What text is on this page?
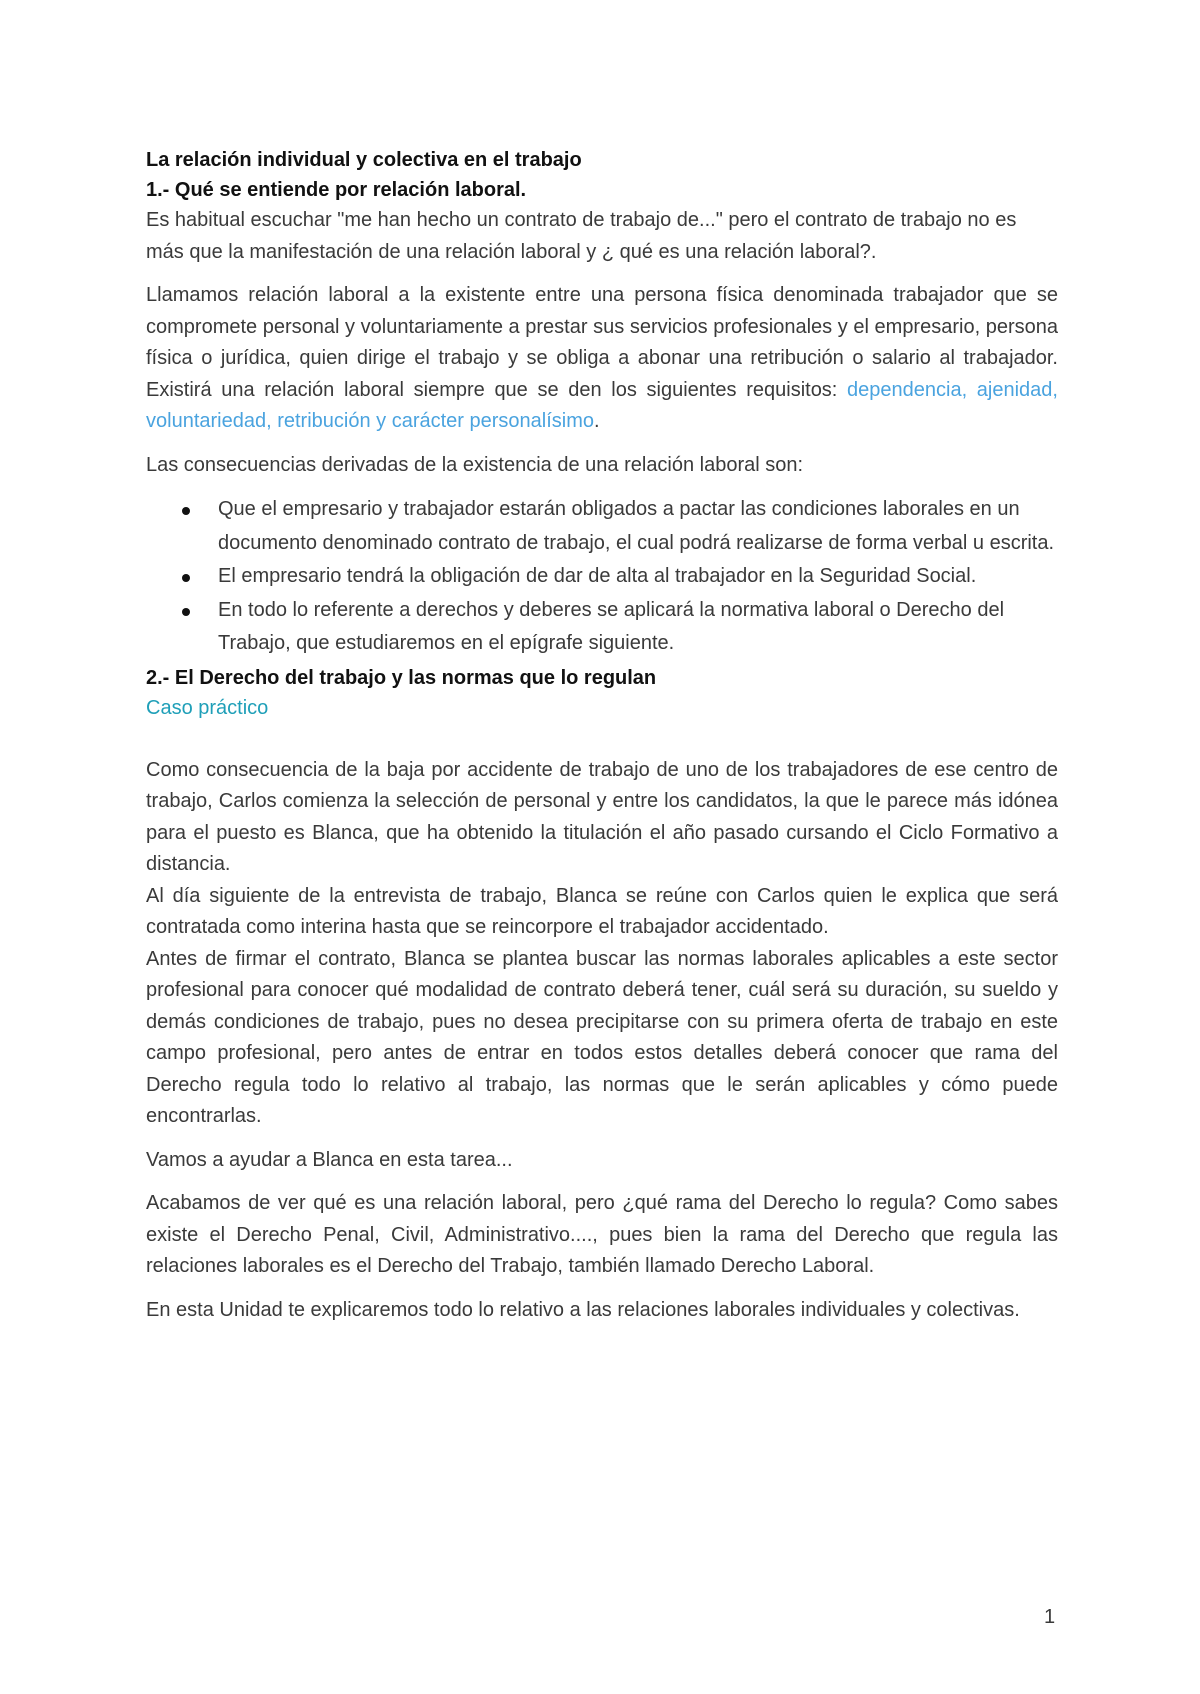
La relación individual y colectiva en el trabajo

1.- Qué se entiende por relación laboral.

Es habitual escuchar "me han hecho un contrato de trabajo de..." pero el contrato de trabajo no es más que la manifestación de una relación laboral y ¿ qué es una relación laboral?.

Llamamos relación laboral a la existente entre una persona física denominada trabajador que se compromete personal y voluntariamente a prestar sus servicios profesionales y el empresario, persona física o jurídica, quien dirige el trabajo y se obliga a abonar una retribución o salario al trabajador. Existirá una relación laboral siempre que se den los siguientes requisitos: dependencia, ajenidad, voluntariedad, retribución y carácter personalísimo.

Las consecuencias derivadas de la existencia de una relación laboral son:

Que el empresario y trabajador estarán obligados a pactar las condiciones laborales en un documento denominado contrato de trabajo, el cual podrá realizarse de forma verbal u escrita.
El empresario tendrá la obligación de dar de alta al trabajador en la Seguridad Social.
En todo lo referente a derechos y deberes se aplicará la normativa laboral o Derecho del Trabajo, que estudiaremos en el epígrafe siguiente.

2.- El Derecho del trabajo y las normas que lo regulan

Caso práctico

Como consecuencia de la baja por accidente de trabajo de uno de los trabajadores de ese centro de trabajo, Carlos comienza la selección de personal y entre los candidatos, la que le parece más idónea para el puesto es Blanca, que ha obtenido la titulación el año pasado cursando el Ciclo Formativo a distancia.

Al día siguiente de la entrevista de trabajo, Blanca se reúne con Carlos quien le explica que será contratada como interina hasta que se reincorpore el trabajador accidentado.

Antes de firmar el contrato, Blanca se plantea buscar las normas laborales aplicables a este sector profesional para conocer qué modalidad de contrato deberá tener, cuál será su duración, su sueldo y demás condiciones de trabajo, pues no desea precipitarse con su primera oferta de trabajo en este campo profesional, pero antes de entrar en todos estos detalles deberá conocer que rama del Derecho regula todo lo relativo al trabajo, las normas que le serán aplicables y cómo puede encontrarlas.

Vamos a ayudar a Blanca en esta tarea...

Acabamos de ver qué es una relación laboral, pero ¿qué rama del Derecho lo regula? Como sabes existe el Derecho Penal, Civil, Administrativo...., pues bien la rama del Derecho que regula las relaciones laborales es el Derecho del Trabajo, también llamado Derecho Laboral.

En esta Unidad te explicaremos todo lo relativo a las relaciones laborales individuales y colectivas.

1
